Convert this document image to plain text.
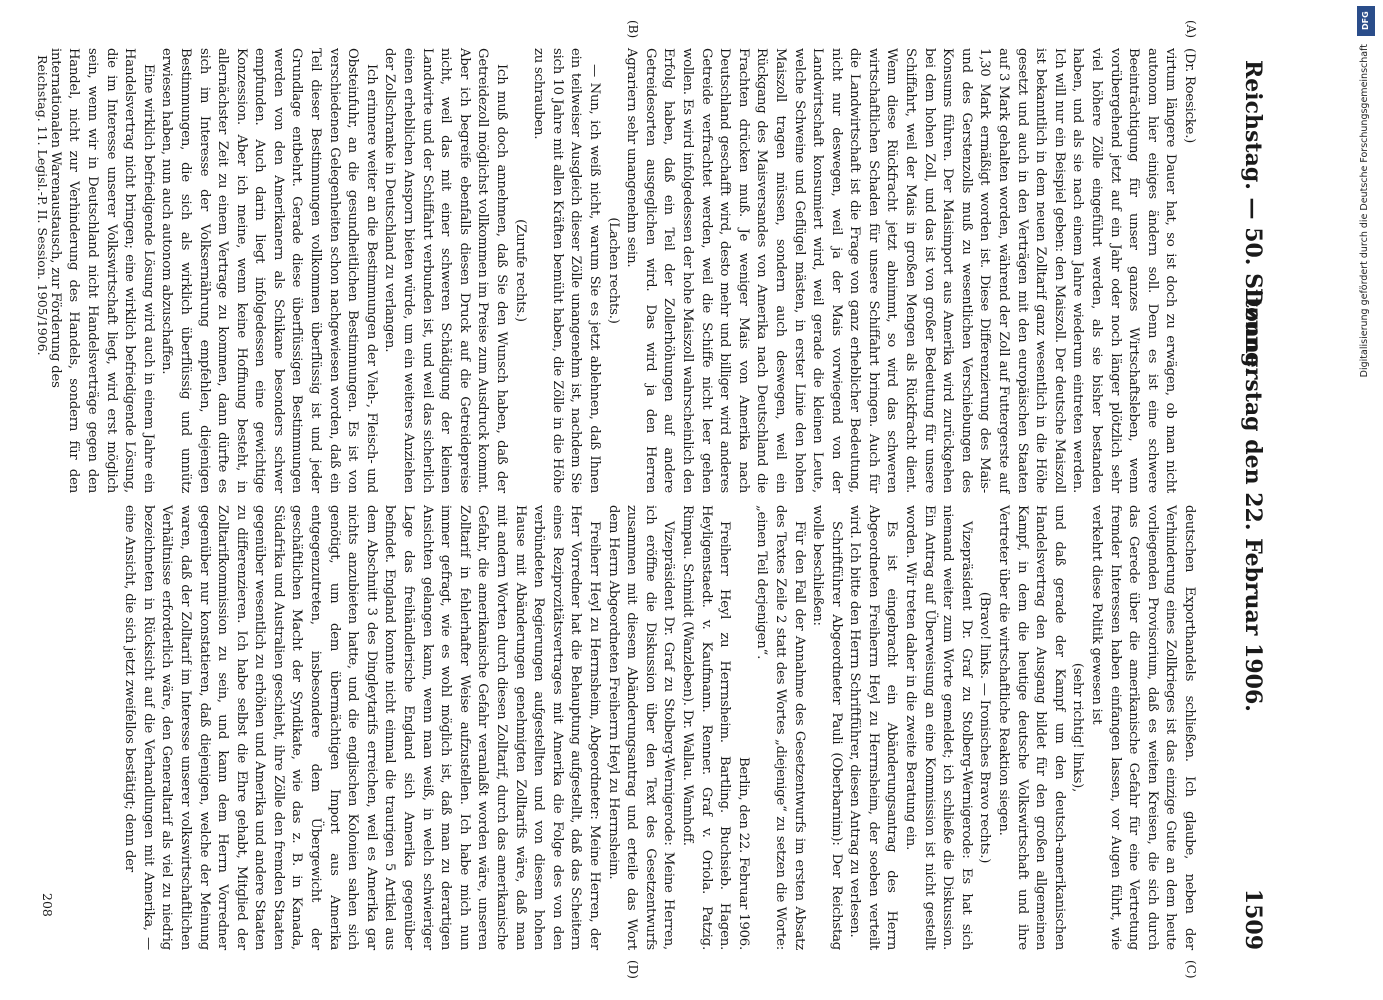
Reichstag. — 50. Sitzung.
Donnerstag den 22. Februar 1906.
1509
(A)
(B)
(C)
(D)

(Dr. Roesicke.)

virtum längere Dauer hat, so ist doch zu erwägen, ob man nicht autonom hier einiges ändern soll. Denn es ist eine schwere Beeinträchtigung für unser ganzes Wirtschaftsleben, wenn vorübergehend jetzt auf ein Jahr oder noch länger plötzlich sehr viel höhere Zölle eingeführt werden, als sie bisher bestanden haben, und als sie nach einem Jahre wiederum eintreten werden. Ich will nur ein Beispiel geben: den Maiszoll. Der deutsche Maiszoll ist bekanntlich in dem neuen Zolltarif ganz wesentlich in die Höhe gesetzt und auch in den Verträgen mit den europäischen Staaten auf 3 Mark gehalten worden, während der Zoll auf Futtergerste auf 1,30 Mark ermäßigt worden ist. Diese Differenzierung des Mais- und des Gerstenzolls muß zu wesentlichen Verschiebungen des Konsums führen. Der Maisimport aus Amerika wird zurückgehen bei dem hohen Zoll, und das ist von großer Bedeutung für unsere Schiffahrt, weil der Mais in großen Mengen als Rückfracht dient. Wenn diese Rückfracht jetzt abnimmt, so wird das schweren wirtschaftlichen Schaden für unsere Schiffahrt bringen. Auch für die Landwirtschaft ist die Frage von ganz erheblicher Bedeutung, nicht nur deswegen, weil ja der Mais vorwiegend von der Landwirtschaft konsumiert wird, weil gerade die kleinen Leute, welche Schweine und Geflügel mästen, in erster Linie den hohen Maiszoll tragen müssen, sondern auch deswegen, weil ein Rückgang des Maisversandes von Amerika nach Deutschland die Frachten drücken muß. Je weniger Mais von Amerika nach Deutschland geschafft wird, desto mehr und billiger wird anderes Getreide verfrachtet werden, weil die Schiffe nicht leer gehen wollen. Es wird infolgedessen der hohe Maiszoll wahrscheinlich den Erfolg haben, daß ein Teil der Zollerhöhungen auf andere Getreidesorten ausgeglichen wird. Das wird ja den Herren Agrariern sehr unangenehm sein.

(Lachen rechts.)

— Nun, ich weiß nicht, warum Sie es jetzt ablehnen, daß Ihnen ein teilweiser Ausgleich dieser Zölle unangenehm ist, nachdem Sie sich 10 Jahre mit allen Kräften bemüht haben, die Zölle in die Höhe zu schrauben.

(Zurufe rechts.)

Ich muß doch annehmen, daß Sie den Wunsch haben, daß der Getreidezoll möglichst vollkommen im Preise zum Ausdruck kommt. Aber ich begreife ebenfalls diesen Druck auf die Getreidepreise nicht, weil das mit einer schweren Schädigung der kleinen Landwirte und der Schiffahrt verbunden ist, und weil das sicherlich einen erheblichen Ansporn bieten würde, um ein weiteres Anziehen der Zollschranke in Deutschland zu verlangen.

Ich erinnere weiter an die Bestimmungen der Vieh-, Fleisch- und Obsteinfuhr, an die gesundheitlichen Bestimmungen. Es ist von verschiedenen Gelegenheiten schon nachgewiesen worden, daß ein Teil dieser Bestimmungen vollkommen überflüssig ist und jeder Grundlage entbehrt. Gerade diese überflüssigen Bestimmungen werden von den Amerikanern als Schikane besonders schwer empfunden. Auch darin liegt infolgedessen eine gewichtige Konzession. Aber ich meine, wenn keine Hoffnung besteht, in allernächster Zeit zu einem Vertrage zu kommen, dann dürfte es sich im Interesse der Volksernährung empfehlen, diejenigen Bestimmungen, die sich als wirklich überflüssig und unnütz erwiesen haben, nun auch autonom abzuschaffen.

Eine wirklich befriedigende Lösung wird auch in einem Jahre ein Handelsvertrag nicht bringen; eine wirklich befriedigende Lösung, die im Interesse unserer Volkswirtschaft liegt, wird erst möglich sein, wenn wir in Deutschland nicht Handelsverträge gegen den Handel, nicht zur Verhinderung des Handels, sondern für den internationalen Warenaustausch, zur Förderung des

deutschen Exporthandels schließen. Ich glaube, neben der Verhinderung eines Zollkrieges ist das einzige Gute an dem heute vorliegenden Provisorium, daß es weiten Kreisen, die sich durch das Gerede über die amerikanische Gefahr für eine Vertretung fremder Interessen haben einfangen lassen, vor Augen führt, wie verkehrt diese Politik gewesen ist

(sehr richtig! links),

und daß gerade der Kampf um den deutsch-amerikanischen Handelsvertrag den Ausgang bildet für den großen allgemeinen Kampf, in dem die heutige deutsche Volkswirtschaft und ihre Vertreter über die wirtschaftliche Reaktion siegen.

(Bravo! links. — Ironisches Bravo rechts.)

Vizepräsident Dr. Graf zu Stolberg-Wernigerode: Es hat sich niemand weiter zum Worte gemeldet; ich schließe die Diskussion. Ein Antrag auf Überweisung an eine Kommission ist nicht gestellt worden. Wir treten daher in die zweite Beratung ein.

Es ist eingebracht ein Abänderungsantrag des Herrn Abgeordneten Freiherrn Heyl zu Herrnsheim, der soeben verteilt wird. Ich bitte den Herrn Schriftführer, diesen Antrag zu verlesen.

Schriftführer Abgeordneter Pauli (Oberbarnim): Der Reichstag wolle beschließen:

Für den Fall der Annahme des Gesetzentwurfs im ersten Absatz des Textes Zeile 2 statt des Wortes „diejenige“ zu setzen die Worte: „einen Teil derjenigen“.

Berlin, den 22. Februar 1906.

Freiherr Heyl zu Herrnsheim. Bartling. Buchsieb. Hagen. Heyligenstaedt. v. Kaufmann. Renner. Graf v. Oriola. Patzig. Rimpau. Schmidt (Wanzleben). Dr. Wallau. Wamhoff.

Vizepräsident Dr. Graf zu Stolberg-Wernigerode: Meine Herren, ich eröffne die Diskussion über den Text des Gesetzentwurfs zusammen mit diesem Abänderungsantrag und erteile das Wort dem Herrn Abgeordneten Freiherrn Heyl zu Herrnsheim.

Freiherr Heyl zu Herrnsheim, Abgeordneter: Meine Herren, der Herr Vorredner hat die Behauptung aufgestellt, daß das Scheitern eines Reziprozitätsvertrages mit Amerika die Folge des von den verbündeten Regierungen aufgestellten und von diesem hohen Hause mit Abänderungen genehmigten Zolltarifs wäre, daß man mit andern Worten durch diesen Zolltarif, durch das amerikanische Gefahr, die amerikanische Gefahr veranlaßt worden wäre, unseren Zolltarif in fehlerhafter Weise aufzustellen. Ich habe mich nun immer gefragt, wie es wohl möglich ist, daß man zu derartigen Ansichten gelangen kann, wenn man weiß, in welch schwieriger Lage das freihändlerische England sich Amerika gegenüber befindet. England konnte nicht einmal die traurigen 5 Artikel aus dem Abschnitt 3 des Dingleytarifs erreichen, weil es Amerika gar nichts anzubieten hatte, und die englischen Kolonien sahen sich genötigt, um dem übermächtigen Import aus Amerika entgegenzutreten, insbesondere dem Übergewicht der geschäftlichen Macht der Syndikate, wie das z. B. in Kanada, Südafrika und Australien geschieht, ihre Zölle den fremden Staaten gegenüber wesentlich zu erhöhen und Amerika und andere Staaten zu differenzieren. Ich habe selbst die Ehre gehabt, Mitglied der Zolltarifkommission zu sein, und kann dem Herrn Vorredner gegenüber nur konstatieren, daß diejenigen, welche der Meinung waren, daß der Zolltarif im Interesse unserer volkswirtschaftlichen Verhältnisse erforderlich wäre, den Generaltarif als viel zu niedrig bezeichneten in Rücksicht auf die Verhandlungen mit Amerika, — eine Ansicht, die sich jetzt zweifellos bestätigt; denn der

Reichstag. 11. Legisl.-P. II. Session. 1905/1906.
208
DFG
Digitalisierung gefördert durch die Deutsche Forschungsgemeinschaft
